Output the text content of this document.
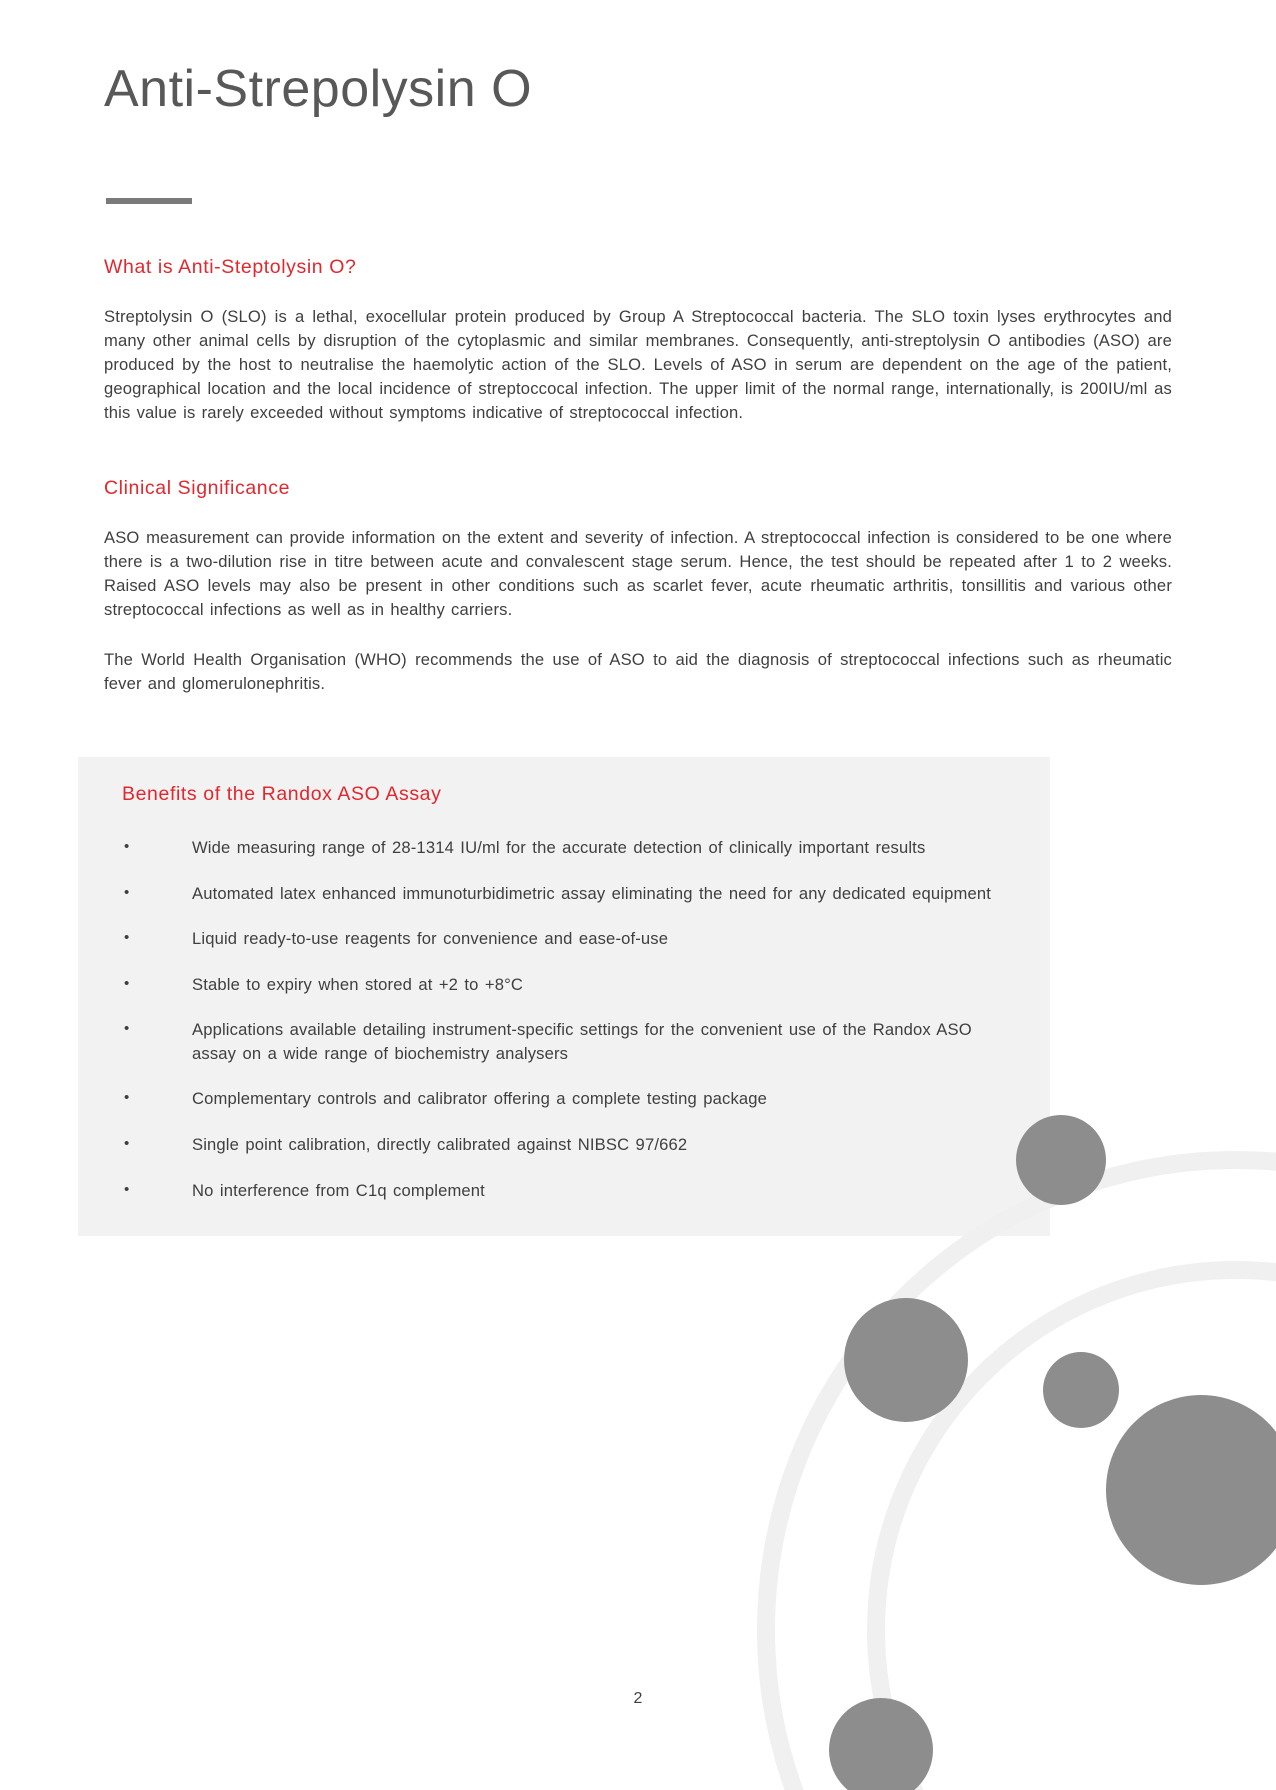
Anti-Strepolysin O
What is Anti-Steptolysin O?

Streptolysin O (SLO) is a lethal, exocellular protein produced by Group A Streptococcal bacteria. The SLO toxin lyses erythrocytes and many other animal cells by disruption of the cytoplasmic and similar membranes. Consequently, anti-streptolysin O antibodies (ASO) are produced by the host to neutralise the haemolytic action of the SLO. Levels of ASO in serum are dependent on the age of the patient, geographical location and the local incidence of streptoccocal infection. The upper limit of the normal range, internationally, is 200IU/ml as this value is rarely exceeded without symptoms indicative of streptococcal infection.

Clinical Significance

ASO measurement can provide information on the extent and severity of infection. A streptococcal infection is considered to be one where there is a two-dilution rise in titre between acute and convalescent stage serum. Hence, the test should be repeated after 1 to 2 weeks. Raised ASO levels may also be present in other conditions such as scarlet fever, acute rheumatic arthritis, tonsillitis and various other streptococcal infections as well as in healthy carriers.

The World Health Organisation (WHO) recommends the use of ASO to aid the diagnosis of streptococcal infections such as rheumatic fever and glomerulonephritis.

Benefits of the Randox ASO Assay
•	Wide measuring range of 28-1314 IU/ml for the accurate detection of clinically important results
•	Automated latex enhanced immunoturbidimetric assay eliminating the need for any dedicated equipment
•	Liquid ready-to-use reagents for convenience and ease-of-use
•	Stable to expiry when stored at +2 to +8°C
•	Applications available detailing instrument-specific settings for the convenient use of the Randox ASO assay on a wide range of biochemistry analysers
•	Complementary controls and calibrator offering a complete testing package
•	Single point calibration, directly calibrated against NIBSC 97/662
•	No interference from C1q complement
2
